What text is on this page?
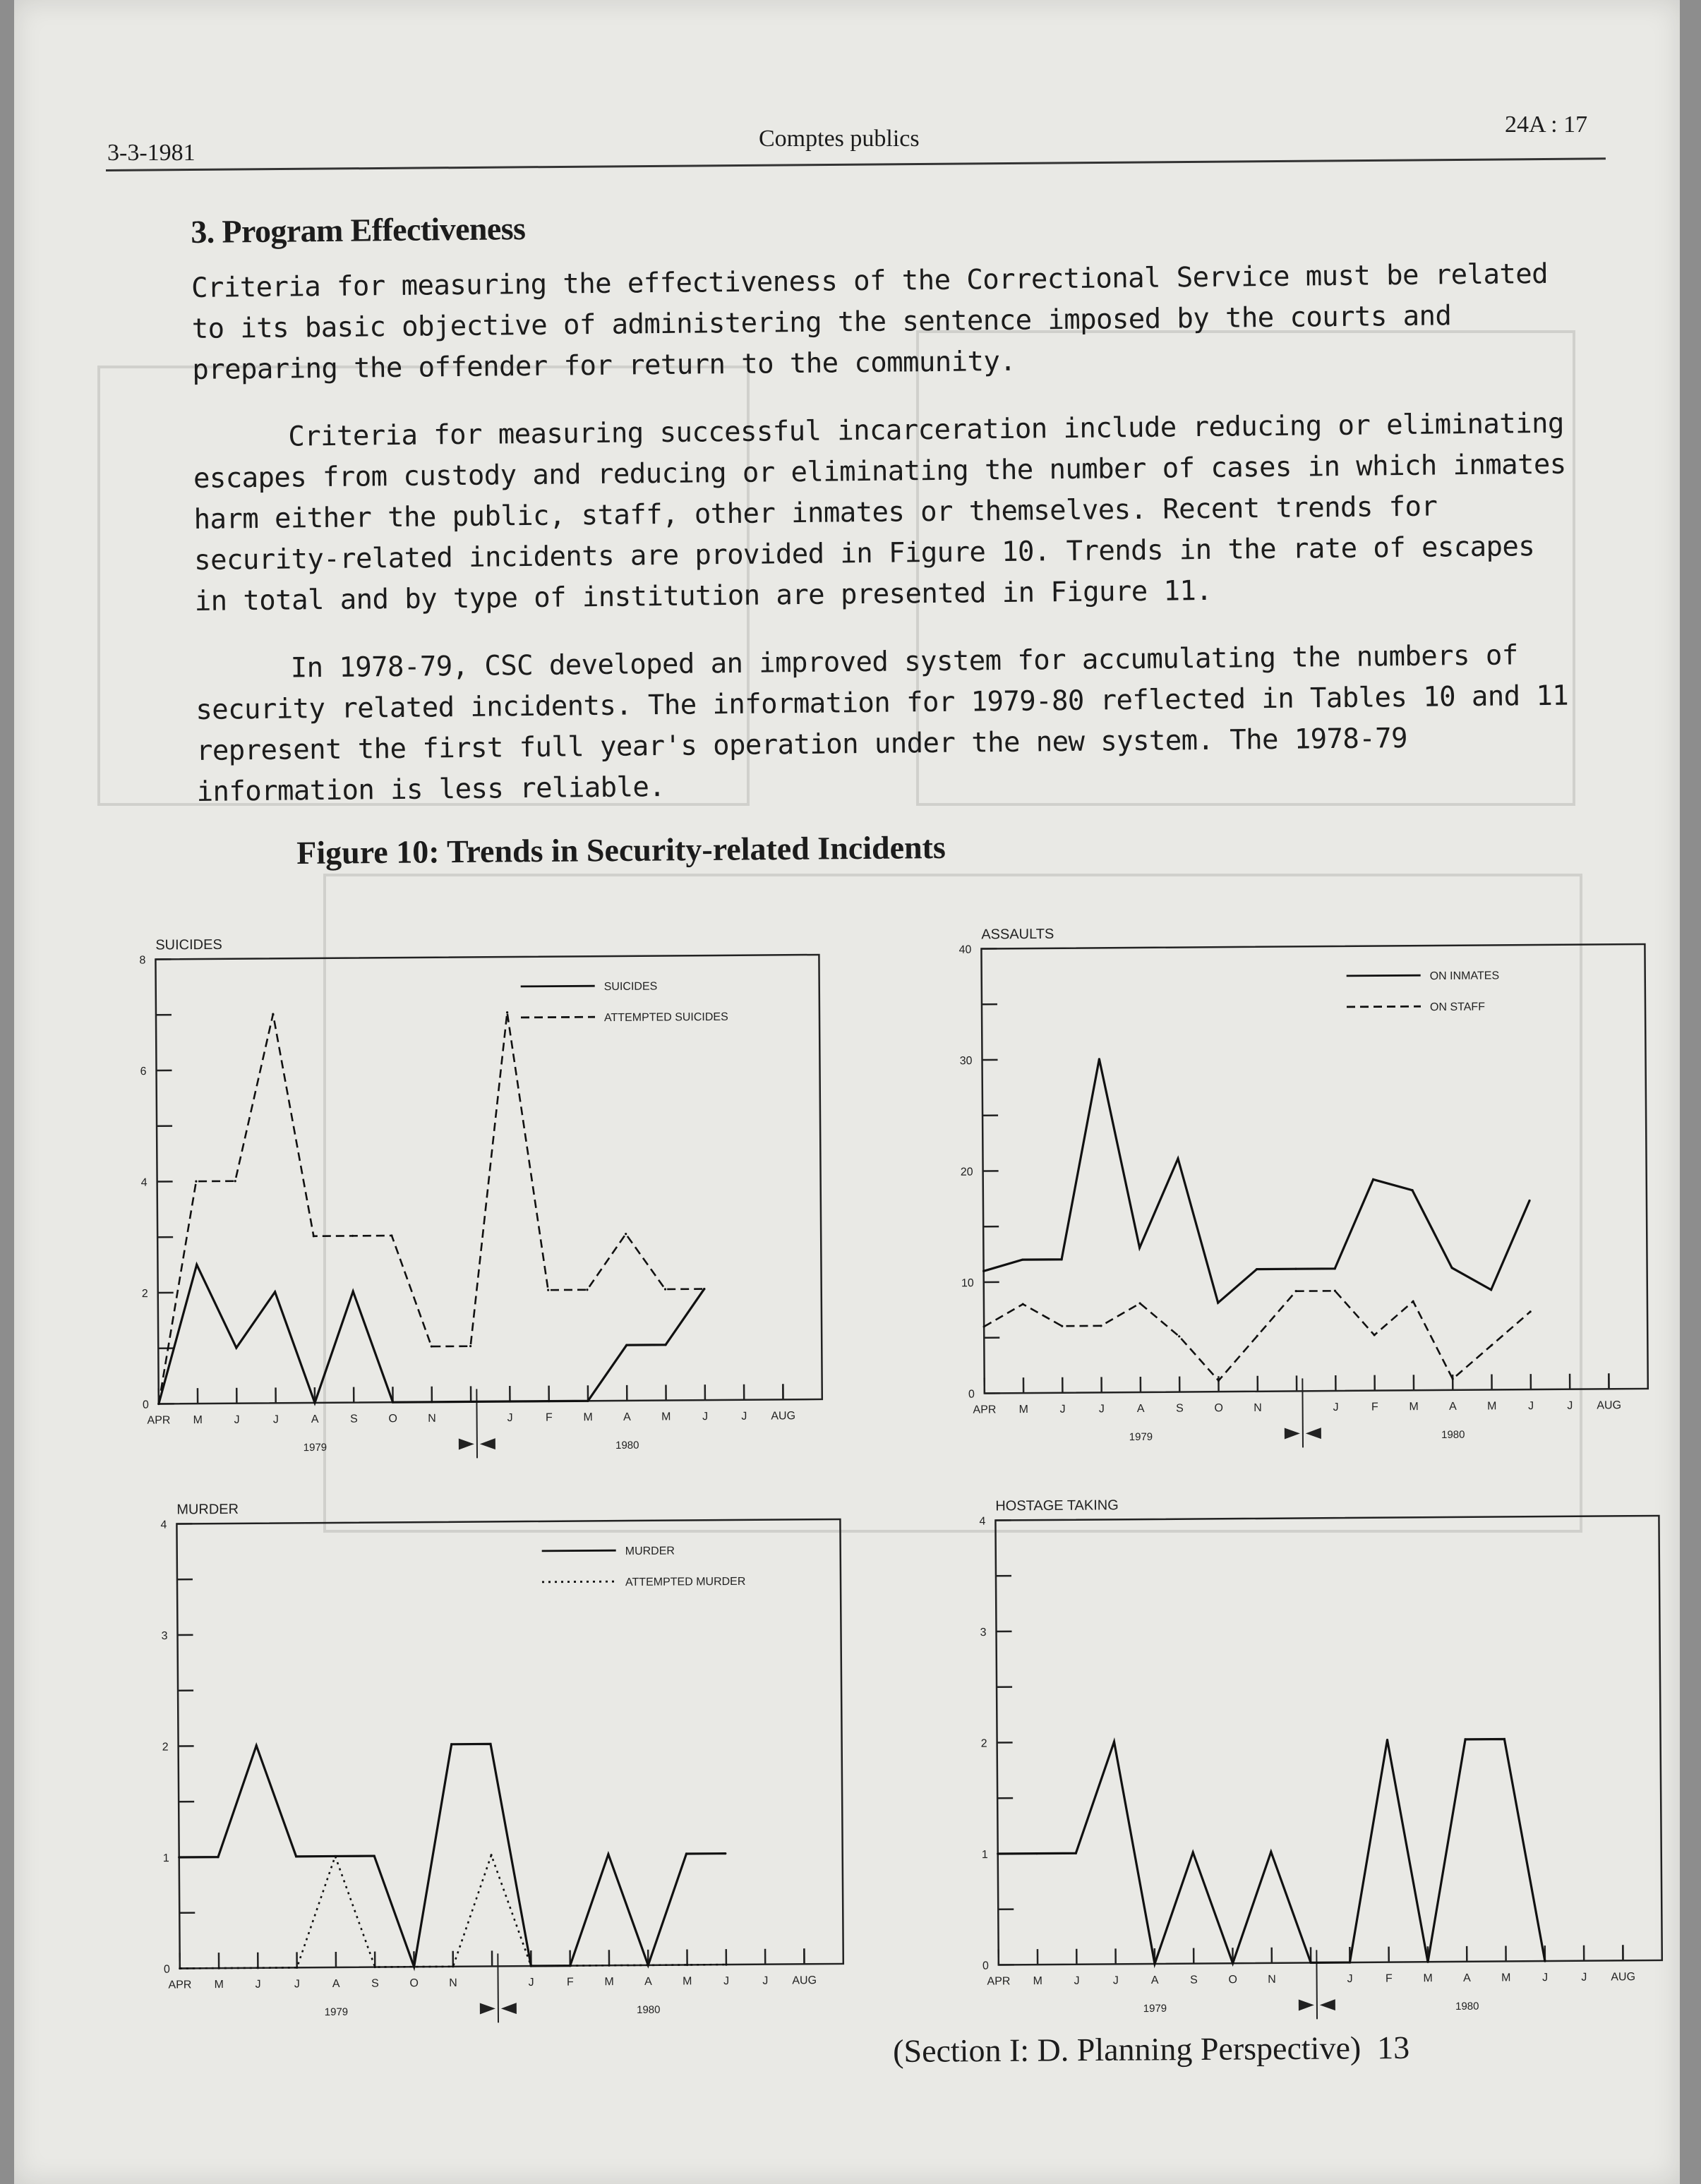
3-3-1981
Comptes publics
24A : 17
3. Program Effectiveness

Criteria for measuring the effectiveness of the Correctional Service must be related to its basic objective of administering the sentence imposed by the courts and preparing the offender for return to the community.

Criteria for measuring successful incarceration include reducing or eliminating escapes from custody and reducing or eliminating the number of cases in which inmates harm either the public, staff, other inmates or themselves. Recent trends for security-related incidents are provided in Figure 10. Trends in the rate of escapes in total and by type of institution are presented in Figure 11.

In 1978-79, CSC developed an improved system for accumulating the numbers of security related incidents. The information for 1979-80 reflected in Tables 10 and 11 represent the first full year's operation under the new system. The 1978-79 information is less reliable.

Figure 10: Trends in Security-related Incidents
SUICIDES
0
2
4
6
8
APR M	J	J	A	S	O	N	J	F	M	A	M	J	J AUG
1979	1980
SUICIDES
ATTEMPTED SUICIDES
ASSAULTS
0
10
20
30
40
APR M	J	J	A	S	O	N	J	F	M	A	M	J	J AUG
1979	1980
ON INMATES
ON STAFF
MURDER
0
1
2
3
4
APR M	J	J	A	S	O	N	J	F	M	A	M	J	J AUG
1979	1980
MURDER
ATTEMPTED MURDER
HOSTAGE TAKING
0
1
2
3
4
APR M	J	J	A	S	O	N	J	F	M	A	M	J	J AUG
1979	1980
(Section I: D. Planning Perspective) 13
